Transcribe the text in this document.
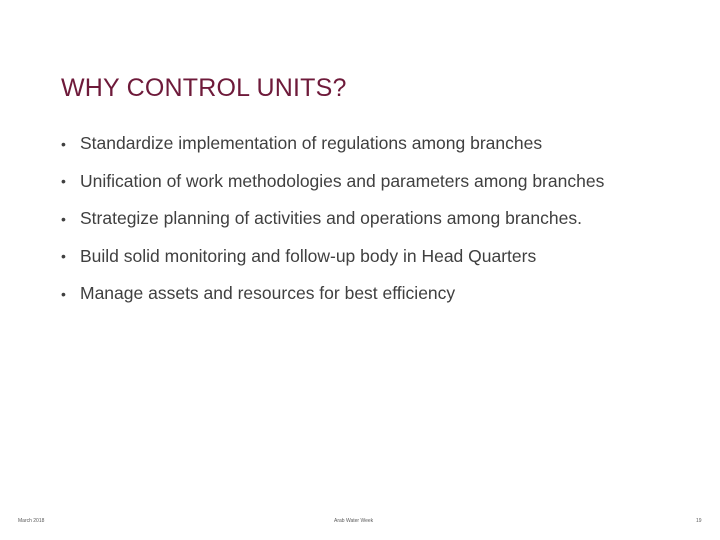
WHY CONTROL UNITS?
• Standardize implementation of regulations among branches
• Unification of work methodologies and parameters among branches
• Strategize planning of activities and operations among branches.
• Build solid monitoring and follow-up body in Head Quarters
• Manage assets and resources for best efficiency
March 2018	Arab Water Week	19
